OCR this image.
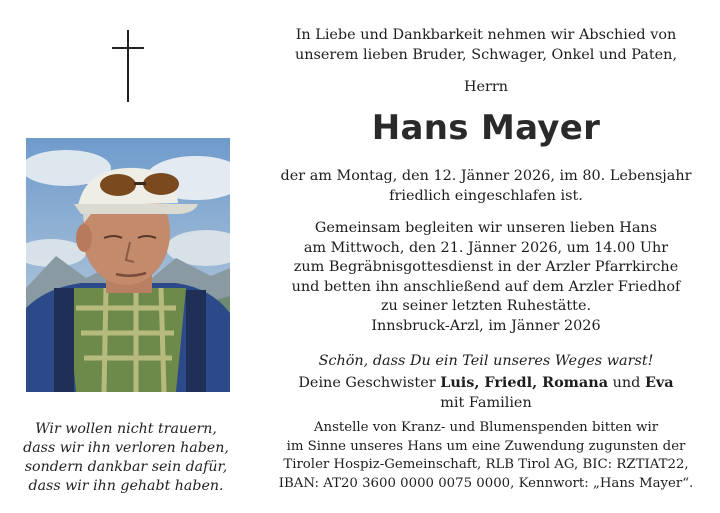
Wir wollen nicht trauern,
dass wir ihn verloren haben,
sondern dankbar sein dafür,
dass wir ihn gehabt haben.
In Liebe und Dankbarkeit nehmen wir Abschied von
unserem lieben Bruder, Schwager, Onkel und Paten,
Herrn
Hans Mayer
der am Montag, den 12. Jänner 2026, im 80. Lebensjahr
friedlich eingeschlafen ist.
Gemeinsam begleiten wir unseren lieben Hans
am Mittwoch, den 21. Jänner 2026, um 14.00 Uhr
zum Begräbnisgottesdienst in der Arzler Pfarrkirche
und betten ihn anschließend auf dem Arzler Friedhof
zu seiner letzten Ruhestätte.
Innsbruck-Arzl, im Jänner 2026
Schön, dass Du ein Teil unseres Weges warst!
Deine Geschwister Luis, Friedl, Romana und Eva
mit Familien
Anstelle von Kranz- und Blumenspenden bitten wir
im Sinne unseres Hans um eine Zuwendung zugunsten der
Tiroler Hospiz-Gemeinschaft, RLB Tirol AG, BIC: RZTIAT22,
IBAN: AT20 3600 0000 0075 0000, Kennwort: „Hans Mayer“.
